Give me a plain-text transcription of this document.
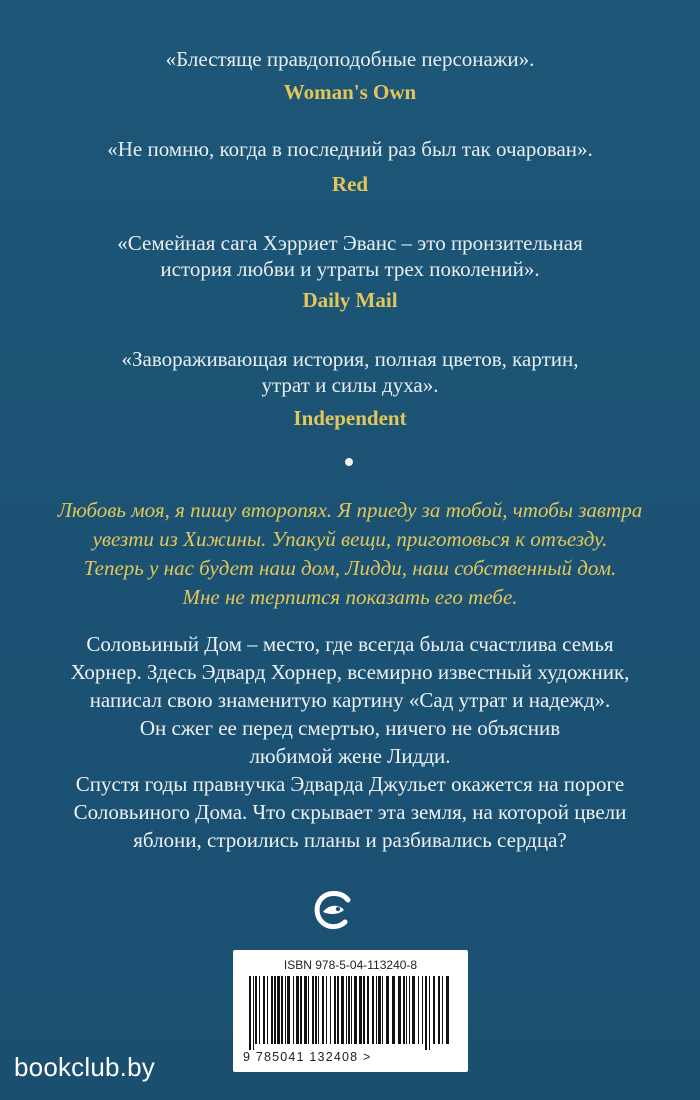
«Блестяще правдоподобные персонажи».
Woman's Own
«Не помню, когда в последний раз был так очарован».
Red
«Семейная сага Хэрриет Эванс – это пронзительная
история любви и утраты трех поколений».
Daily Mail
«Завораживающая история, полная цветов, картин,
утрат и силы духа».
Independent
Любовь моя, я пишу второпях. Я приеду за тобой, чтобы завтра
увезти из Хижины. Упакуй вещи, приготовься к отъезду.
Теперь у нас будет наш дом, Лидди, наш собственный дом.
Мне не терпится показать его тебе.
Соловьиный Дом – место, где всегда была счастлива семья
Хорнер. Здесь Эдвард Хорнер, всемирно известный художник,
написал свою знаменитую картину «Сад утрат и надежд».
Он сжег ее перед смертью, ничего не объяснив
любимой жене Лидди.
Спустя годы правнучка Эдварда Джульет окажется на пороге
Соловьиного Дома. Что скрывает эта земля, на которой цвели
яблони, строились планы и разбивались сердца?
ISBN 978-5-04-113240-8
9 785041 132408 >
bookclub.by
